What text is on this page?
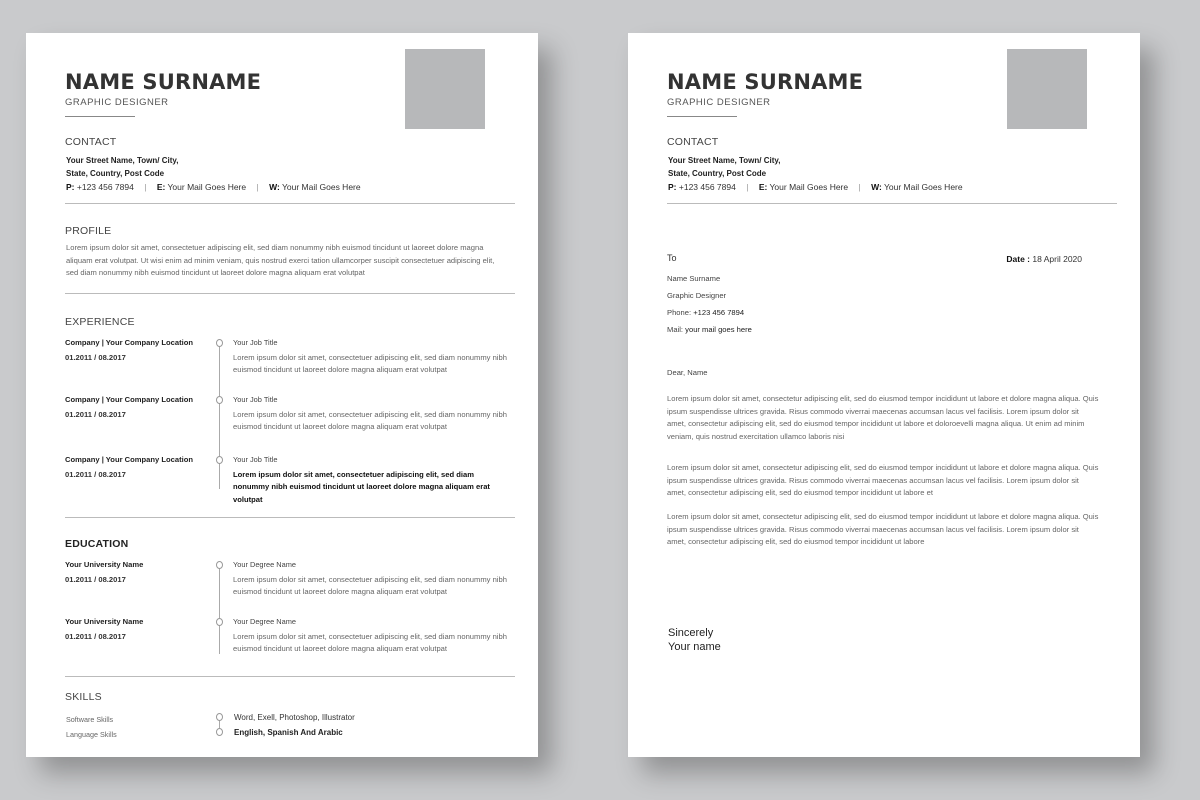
NAME SURNAME
GRAPHIC DESIGNER
CONTACT
Your Street Name, Town/ City,
State, Country, Post Code
P: +123 456 7894 | E: Your Mail Goes Here | W: Your Mail Goes Here
PROFILE
Lorem ipsum dolor sit amet, consectetuer adipiscing elit, sed diam nonummy nibh euismod tincidunt ut laoreet dolore magna aliquam erat volutpat. Ut wisi enim ad minim veniam, quis nostrud exerci tation ullamcorper suscipit consectetuer adipiscing elit, sed diam nonummy nibh euismod tincidunt ut laoreet dolore magna aliquam erat volutpat
EXPERIENCE
Company | Your Company Location
01.2011 / 08.2017
Your Job Title
Lorem ipsum dolor sit amet, consectetuer adipiscing elit, sed diam nonummy nibh euismod tincidunt ut laoreet dolore magna aliquam erat volutpat
Company | Your Company Location
01.2011 / 08.2017
Your Job Title
Lorem ipsum dolor sit amet, consectetuer adipiscing elit, sed diam nonummy nibh euismod tincidunt ut laoreet dolore magna aliquam erat volutpat
Company | Your Company Location
01.2011 / 08.2017
Your Job Title
Lorem ipsum dolor sit amet, consectetuer adipiscing elit, sed diam nonummy nibh euismod tincidunt ut laoreet dolore magna aliquam erat volutpat
EDUCATION
Your University Name
01.2011 / 08.2017
Your Degree Name
Lorem ipsum dolor sit amet, consectetuer adipiscing elit, sed diam nonummy nibh euismod tincidunt ut laoreet dolore magna aliquam erat volutpat
Your University Name
01.2011 / 08.2017
Your Degree Name
Lorem ipsum dolor sit amet, consectetuer adipiscing elit, sed diam nonummy nibh euismod tincidunt ut laoreet dolore magna aliquam erat volutpat
SKILLS
Software Skills	Word, Exell, Photoshop, Illustrator
Language Skills	English, Spanish And Arabic
NAME SURNAME
GRAPHIC DESIGNER
CONTACT
Your Street Name, Town/ City,
State, Country, Post Code
P: +123 456 7894 | E: Your Mail Goes Here | W: Your Mail Goes Here
To	Date : 18 April 2020
Name Surname
Graphic Designer
Phone: +123 456 7894
Mail: your mail goes here
Dear, Name
Lorem ipsum dolor sit amet, consectetur adipiscing elit, sed do eiusmod tempor incididunt ut labore et dolore magna aliqua. Quis ipsum suspendisse ultrices gravida. Risus commodo viverrai maecenas accumsan lacus vel facilisis. Lorem ipsum dolor sit amet, consectetur adipiscing elit, sed do eiusmod tempor incididunt ut labore et doloroevelli magna aliqua. Ut enim ad minim veniam, quis nostrud exercitation ullamco laboris nisi
Lorem ipsum dolor sit amet, consectetur adipiscing elit, sed do eiusmod tempor incididunt ut labore et dolore magna aliqua. Quis ipsum suspendisse ultrices gravida. Risus commodo viverrai maecenas accumsan lacus vel facilisis. Lorem ipsum dolor sit amet, consectetur adipiscing elit, sed do eiusmod tempor incididunt ut labore et
Lorem ipsum dolor sit amet, consectetur adipiscing elit, sed do eiusmod tempor incididunt ut labore et dolore magna aliqua. Quis ipsum suspendisse ultrices gravida. Risus commodo viverrai maecenas accumsan lacus vel facilisis. Lorem ipsum dolor sit amet, consectetur adipiscing elit, sed do eiusmod tempor incididunt ut labore
Sincerely
Your name
